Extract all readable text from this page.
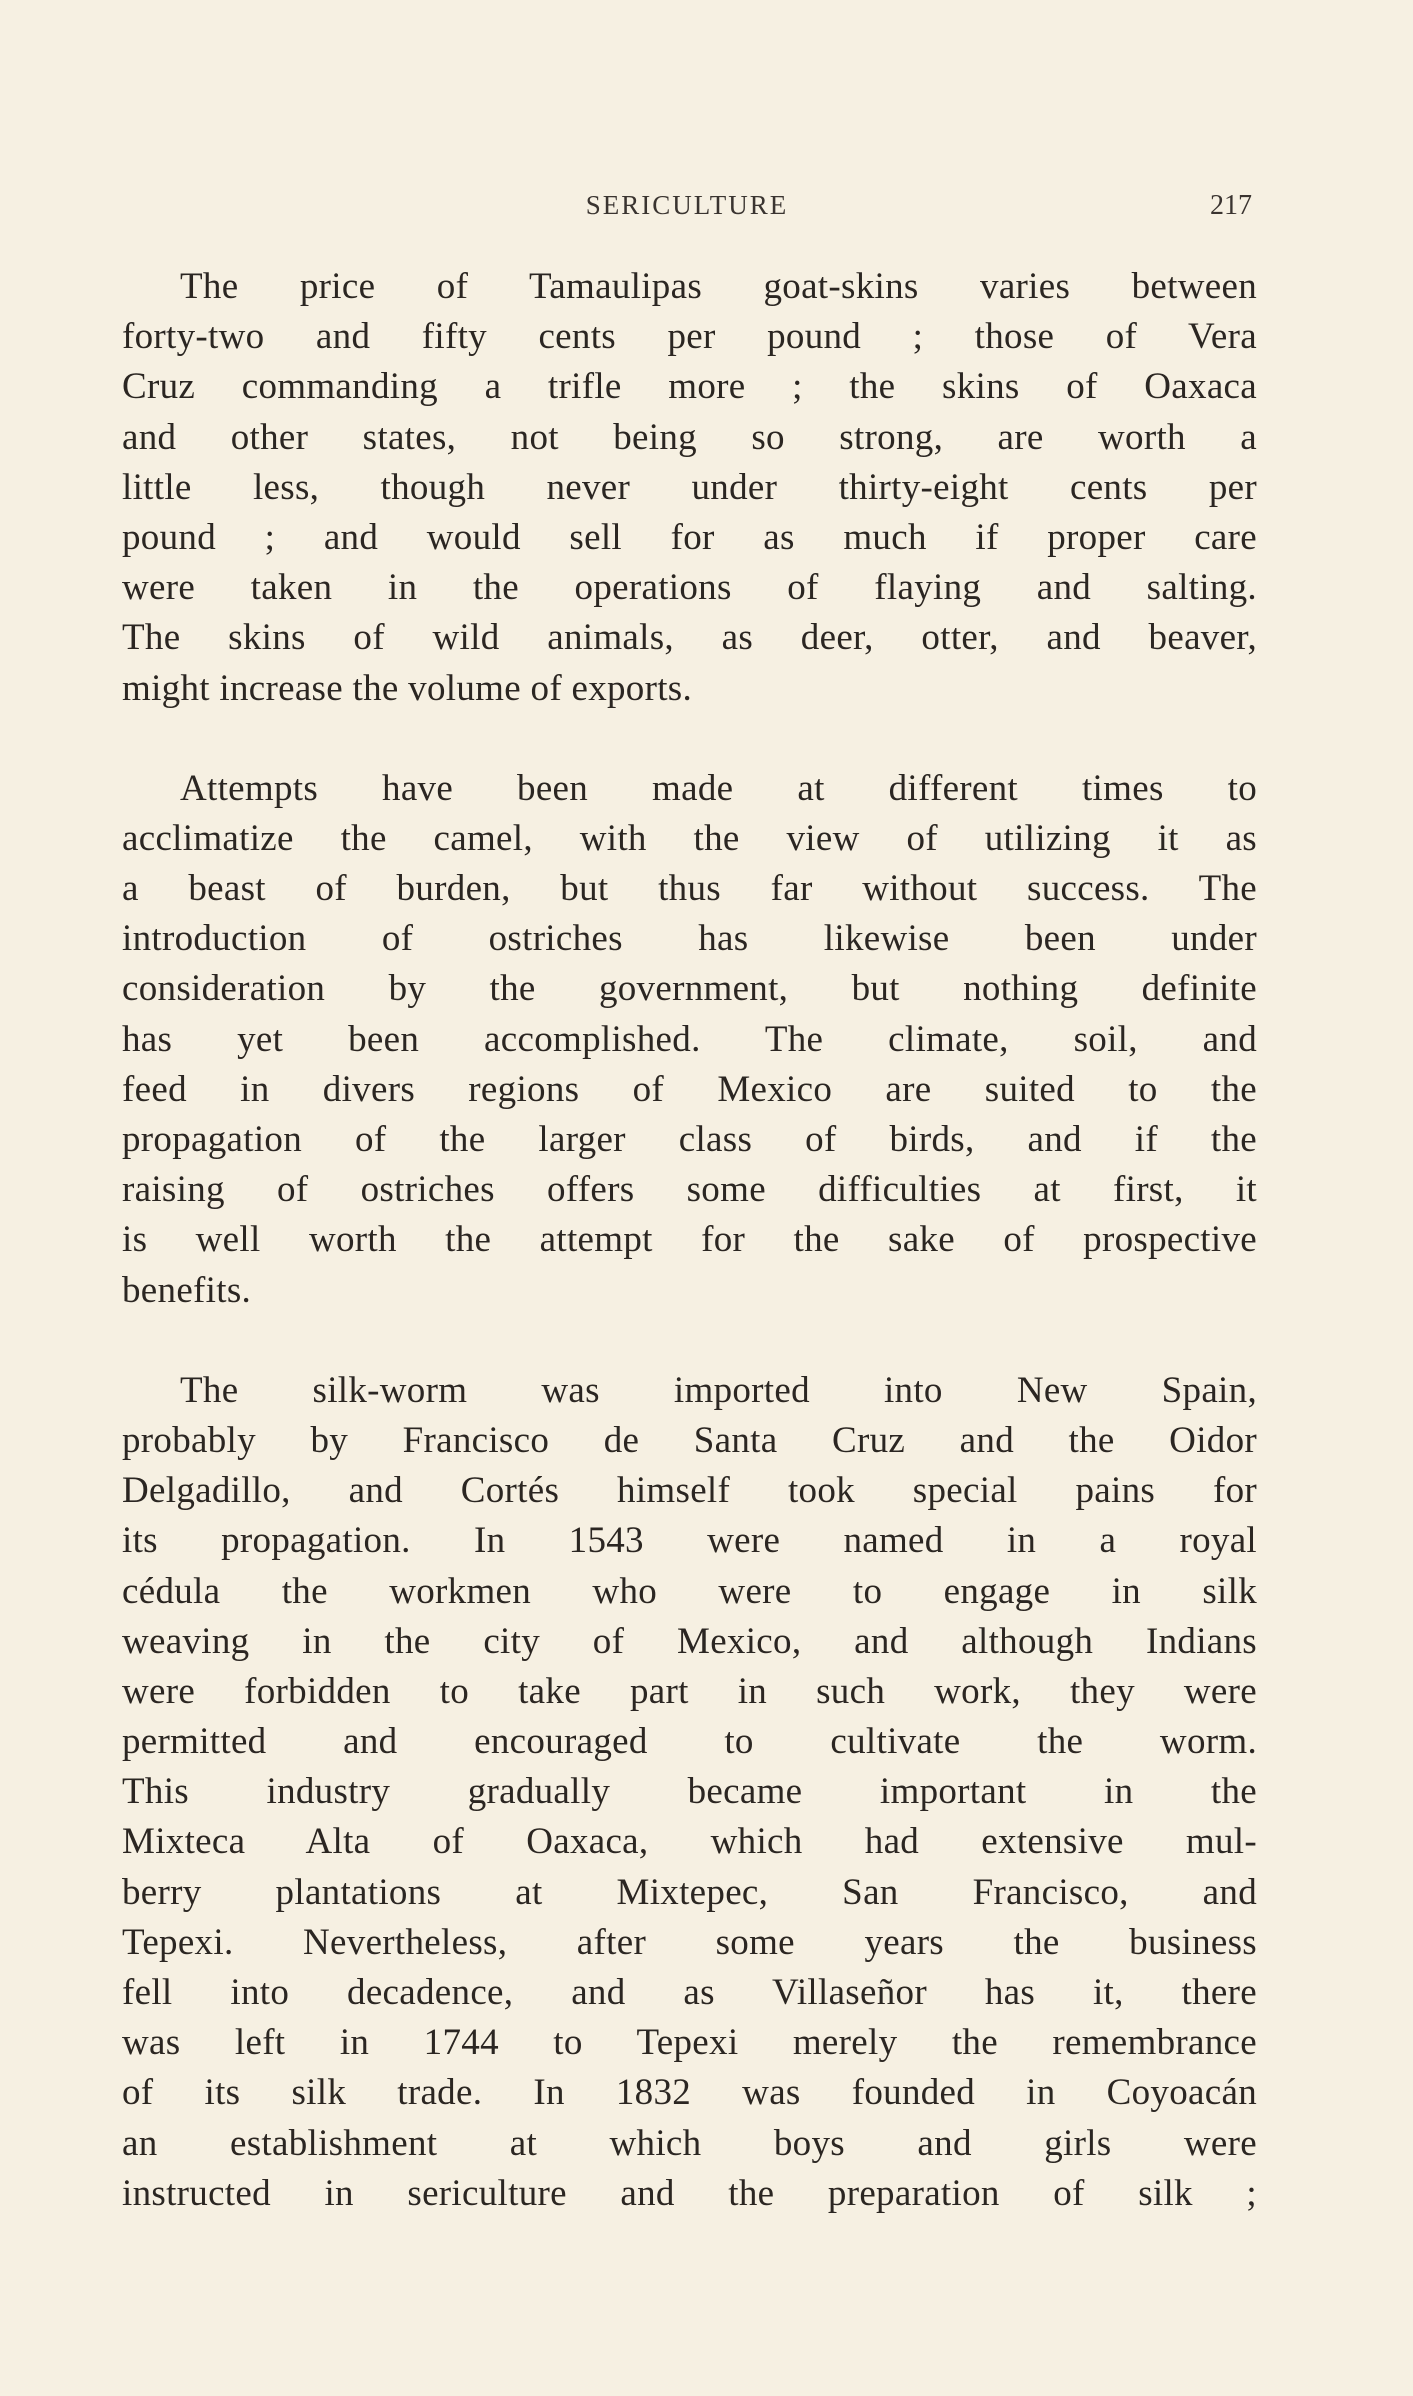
SERICULTURE	217
The price of Tamaulipas goat-skins varies between
forty-two and fifty cents per pound ; those of Vera
Cruz commanding a trifle more ; the skins of Oaxaca
and other states, not being so strong, are worth a
little less, though never under thirty-eight cents per
pound ; and would sell for as much if proper care
were taken in the operations of flaying and salting.
The skins of wild animals, as deer, otter, and beaver,
might increase the volume of exports.
Attempts have been made at different times to
acclimatize the camel, with the view of utilizing it as
a beast of burden, but thus far without success. The
introduction of ostriches has likewise been under
consideration by the government, but nothing definite
has yet been accomplished. The climate, soil, and
feed in divers regions of Mexico are suited to the
propagation of the larger class of birds, and if the
raising of ostriches offers some difficulties at first, it
is well worth the attempt for the sake of prospective
benefits.
The silk-worm was imported into New Spain,
probably by Francisco de Santa Cruz and the Oidor
Delgadillo, and Cortés himself took special pains for
its propagation. In 1543 were named in a royal
cédula the workmen who were to engage in silk
weaving in the city of Mexico, and although Indians
were forbidden to take part in such work, they were
permitted and encouraged to cultivate the worm.
This industry gradually became important in the
Mixteca Alta of Oaxaca, which had extensive mul-
berry plantations at Mixtepec, San Francisco, and
Tepexi. Nevertheless, after some years the business
fell into decadence, and as Villaseñor has it, there
was left in 1744 to Tepexi merely the remembrance
of its silk trade. In 1832 was founded in Coyoacán
an establishment at which boys and girls were
instructed in sericulture and the preparation of silk ;
